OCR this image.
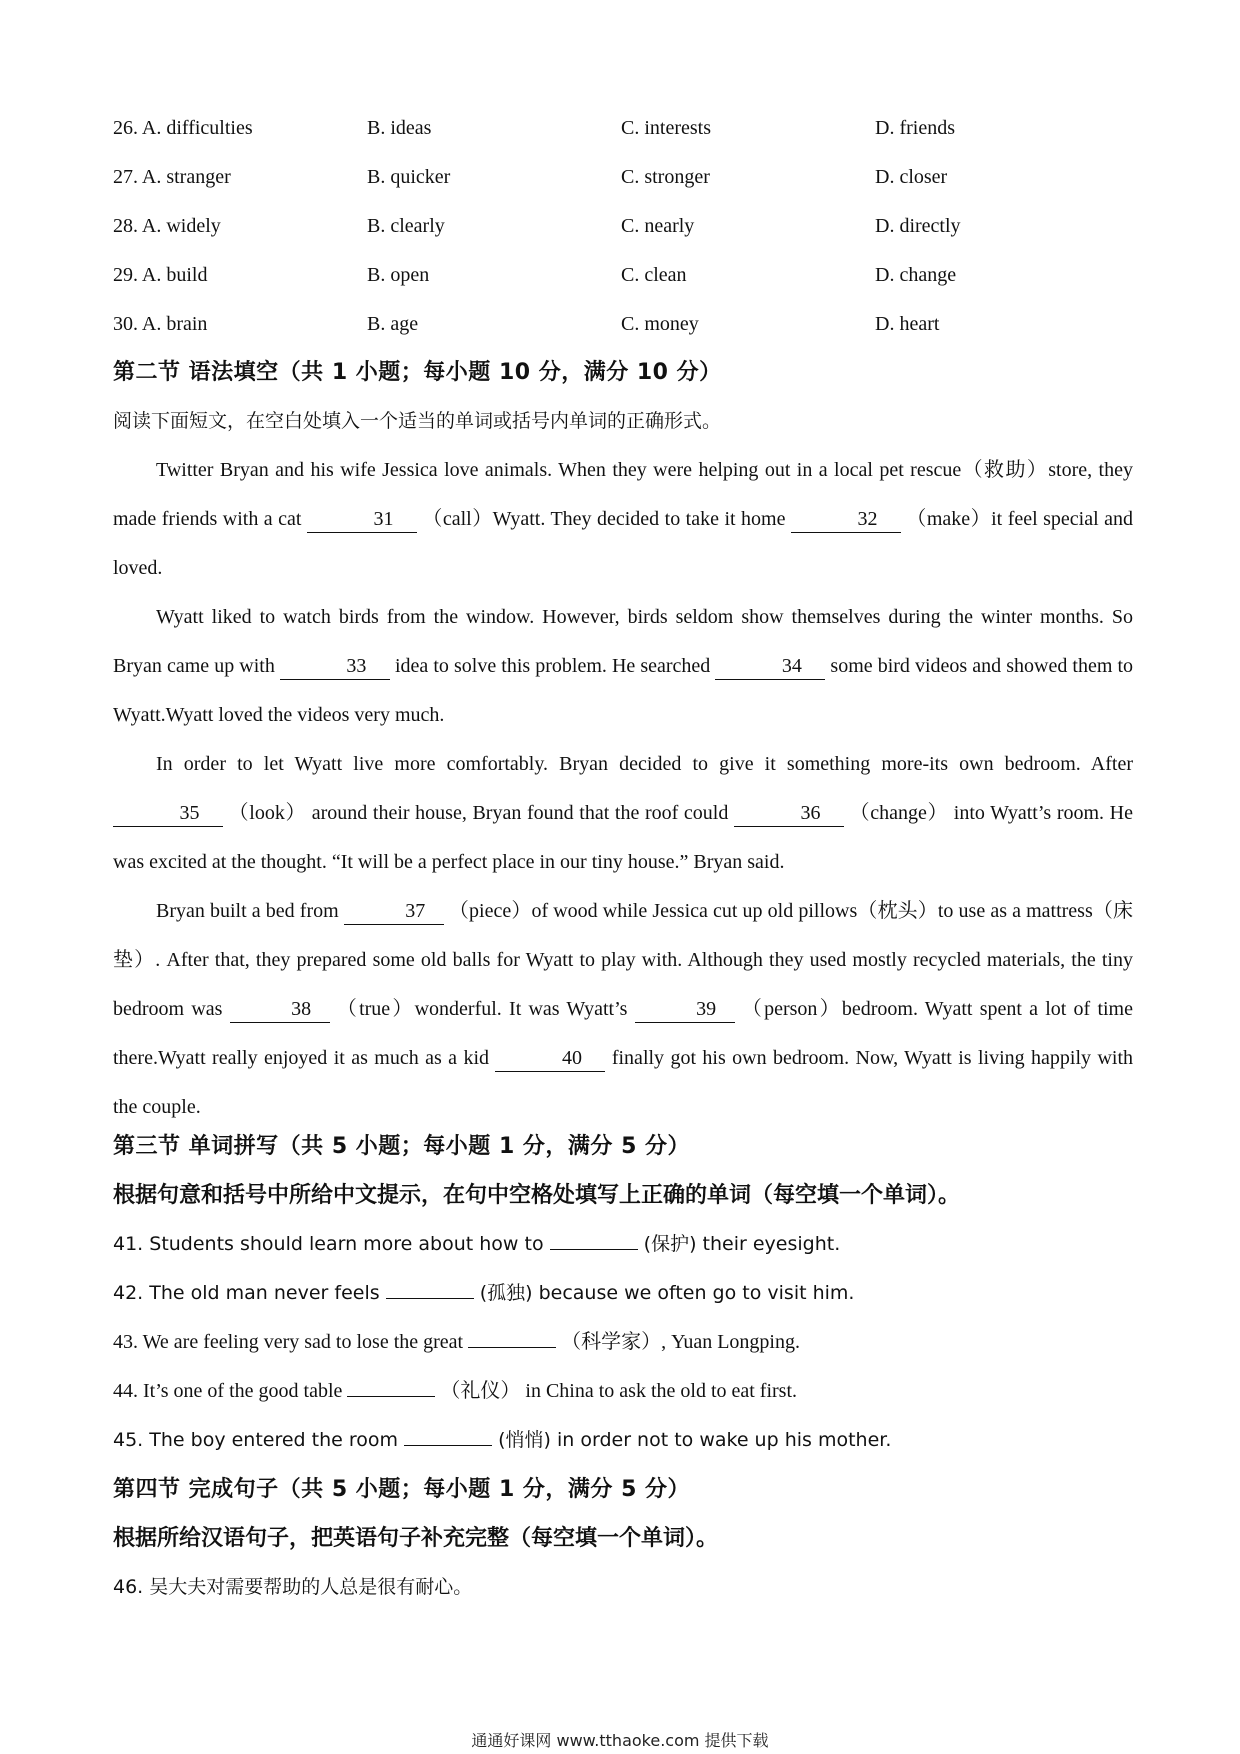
26. A. difficulties	B. ideas	C. interests	D. friends
27. A. stranger	B. quicker	C. stronger	D. closer
28. A. widely	B. clearly	C. nearly	D. directly
29. A. build	B. open	C. clean	D. change
30. A. brain	B. age	C. money	D. heart

第二节 语法填空（共 1 小题；每小题 10 分，满分 10 分）

阅读下面短文，在空白处填入一个适当的单词或括号内单词的正确形式。

Twitter Bryan and his wife Jessica love animals. When they were helping out in a local pet rescue（救助）store, they made friends with a cat	31 （call）Wyatt. They decided to take it home	32 （make）it feel special and loved.

Wyatt liked to watch birds from the window. However, birds seldom show themselves during the winter months. So Bryan came up with	33 idea to solve this problem. He searched	34 some bird videos and showed them to Wyatt.Wyatt loved the videos very much.

In order to let Wyatt live more comfortably. Bryan decided to give it something more-its own bedroom. After 35 （look） around their house, Bryan found that the roof could	36 （change） into Wyatt’s room. He was excited at the thought. “It will be a perfect place in our tiny house.” Bryan said.

Bryan built a bed from	37 （piece）of wood while Jessica cut up old pillows（枕头）to use as a mattress（床垫）. After that, they prepared some old balls for Wyatt to play with. Although they used mostly recycled materials, the tiny bedroom was	38 （true）wonderful. It was Wyatt’s	39 （person）bedroom. Wyatt spent a lot of time there.Wyatt really enjoyed it as much as a kid	40 finally got his own bedroom. Now, Wyatt is living happily with the couple.

第三节 单词拼写（共 5 小题；每小题 1 分，满分 5 分）

根据句意和括号中所给中文提示，在句中空格处填写上正确的单词（每空填一个单词）。

41. Students should learn more about how to	(保护) their eyesight.

42. The old man never feels	(孤独) because we often go to visit him.

43. We are feeling very sad to lose the great	（科学家）, Yuan Longping.

44. It’s one of the good table	（礼仪） in China to ask the old to eat first.

45. The boy entered the room	(悄悄) in order not to wake up his mother.

第四节 完成句子（共 5 小题；每小题 1 分，满分 5 分）

根据所给汉语句子，把英语句子补充完整（每空填一个单词）。

46. 吴大夫对需要帮助的人总是很有耐心。

通通好课网 www.tthaoke.com 提供下载
